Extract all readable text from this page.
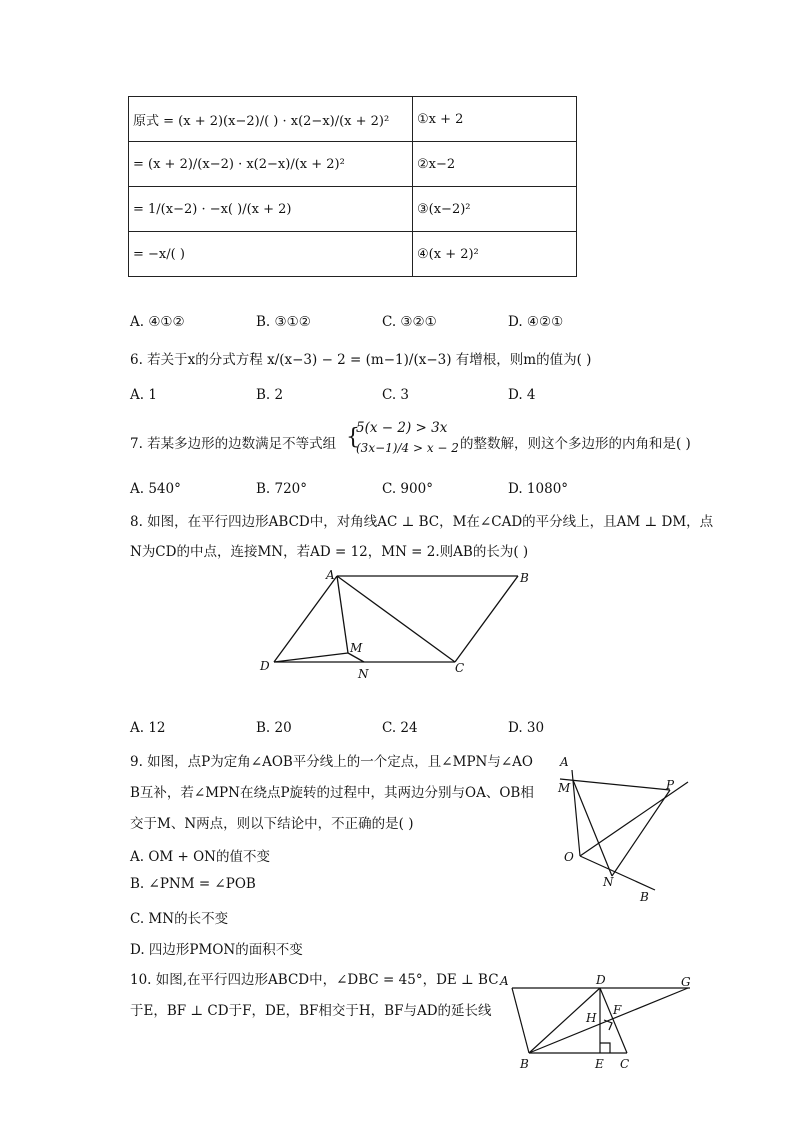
原式 = (x + 2)(x−2)/( ) · x(2−x)/(x + 2)²	①x + 2
= (x + 2)/(x−2) · x(2−x)/(x + 2)²	②x−2
= 1/(x−2) · −x( )/(x + 2)	③(x−2)²
= −x/( )	④(x + 2)²
A. ④①②	B. ③①②	C. ③②①	D. ④②①
6. 若关于x的分式方程 x/(x−3) − 2 = (m−1)/(x−3) 有增根，则m的值为( )
A. 1	B. 2	C. 3	D. 4
7. 若某多边形的边数满足不等式组 {
5(x − 2) > 3x
(3x−1)/4 > x − 2 的整数解，则这个多边形的内角和是( )
A. 540°	B. 720°	C. 900°	D. 1080°
8. 如图，在平行四边形ABCD中，对角线AC ⊥ BC，M在∠CAD的平分线上，且AM ⊥ DM，点
N为CD的中点，连接MN，若AD = 12，MN = 2.则AB的长为( )
A	B
C
D
M
N
A
M	P
O
N
B
A	D	G
H
F
B	E C
A. 12	B. 20	C. 24	D. 30
9. 如图，点P为定角∠AOB平分线上的一个定点，且∠MPN与∠AO
B互补，若∠MPN在绕点P旋转的过程中，其两边分别与OA、OB相
交于M、N两点，则以下结论中，不正确的是( )
A. OM + ON的值不变
B. ∠PNM = ∠POB
C. MN的长不变
D. 四边形PMON的面积不变
10. 如图,在平行四边形ABCD中，∠DBC = 45°，DE ⊥ BC
于E，BF ⊥ CD于F，DE，BF相交于H，BF与AD的延长线
